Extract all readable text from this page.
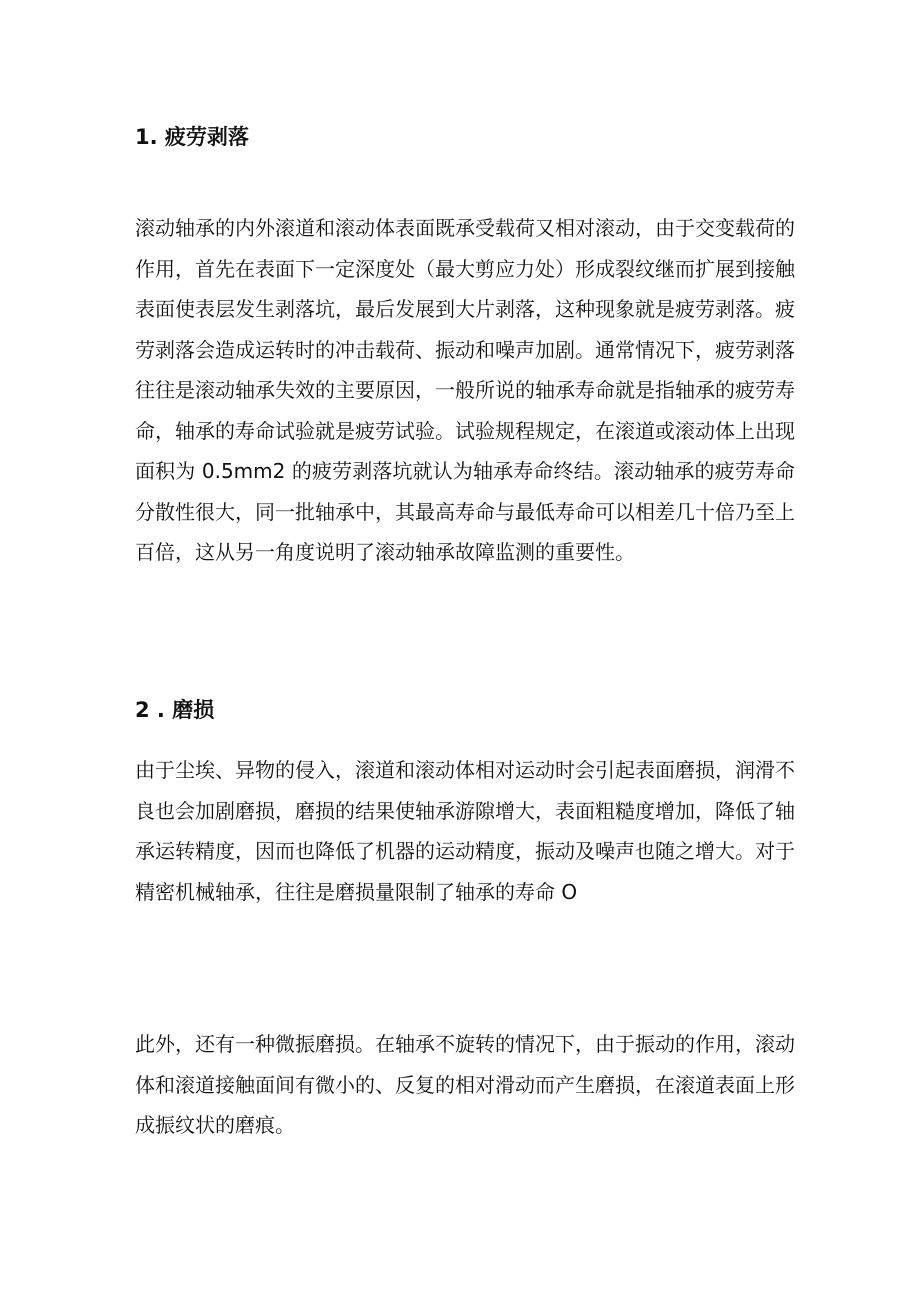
1. 疲劳剥落

滚动轴承的内外滚道和滚动体表面既承受载荷又相对滚动，由于交变载荷的作用，首先在表面下一定深度处（最大剪应力处）形成裂纹继而扩展到接触表面使表层发生剥落坑，最后发展到大片剥落，这种现象就是疲劳剥落。疲劳剥落会造成运转时的冲击载荷、振动和噪声加剧。通常情况下，疲劳剥落往往是滚动轴承失效的主要原因，一般所说的轴承寿命就是指轴承的疲劳寿命，轴承的寿命试验就是疲劳试验。试验规程规定，在滚道或滚动体上出现面积为 0.5mm2 的疲劳剥落坑就认为轴承寿命终结。滚动轴承的疲劳寿命分散性很大，同一批轴承中，其最高寿命与最低寿命可以相差几十倍乃至上百倍，这从另一角度说明了滚动轴承故障监测的重要性。

2 . 磨损

由于尘埃、异物的侵入，滚道和滚动体相对运动时会引起表面磨损，润滑不良也会加剧磨损，磨损的结果使轴承游隙增大，表面粗糙度增加，降低了轴承运转精度，因而也降低了机器的运动精度，振动及噪声也随之增大。对于精密机械轴承，往往是磨损量限制了轴承的寿命 O

此外，还有一种微振磨损。在轴承不旋转的情况下，由于振动的作用，滚动体和滚道接触面间有微小的、反复的相对滑动而产生磨损，在滚道表面上形成振纹状的磨痕。
